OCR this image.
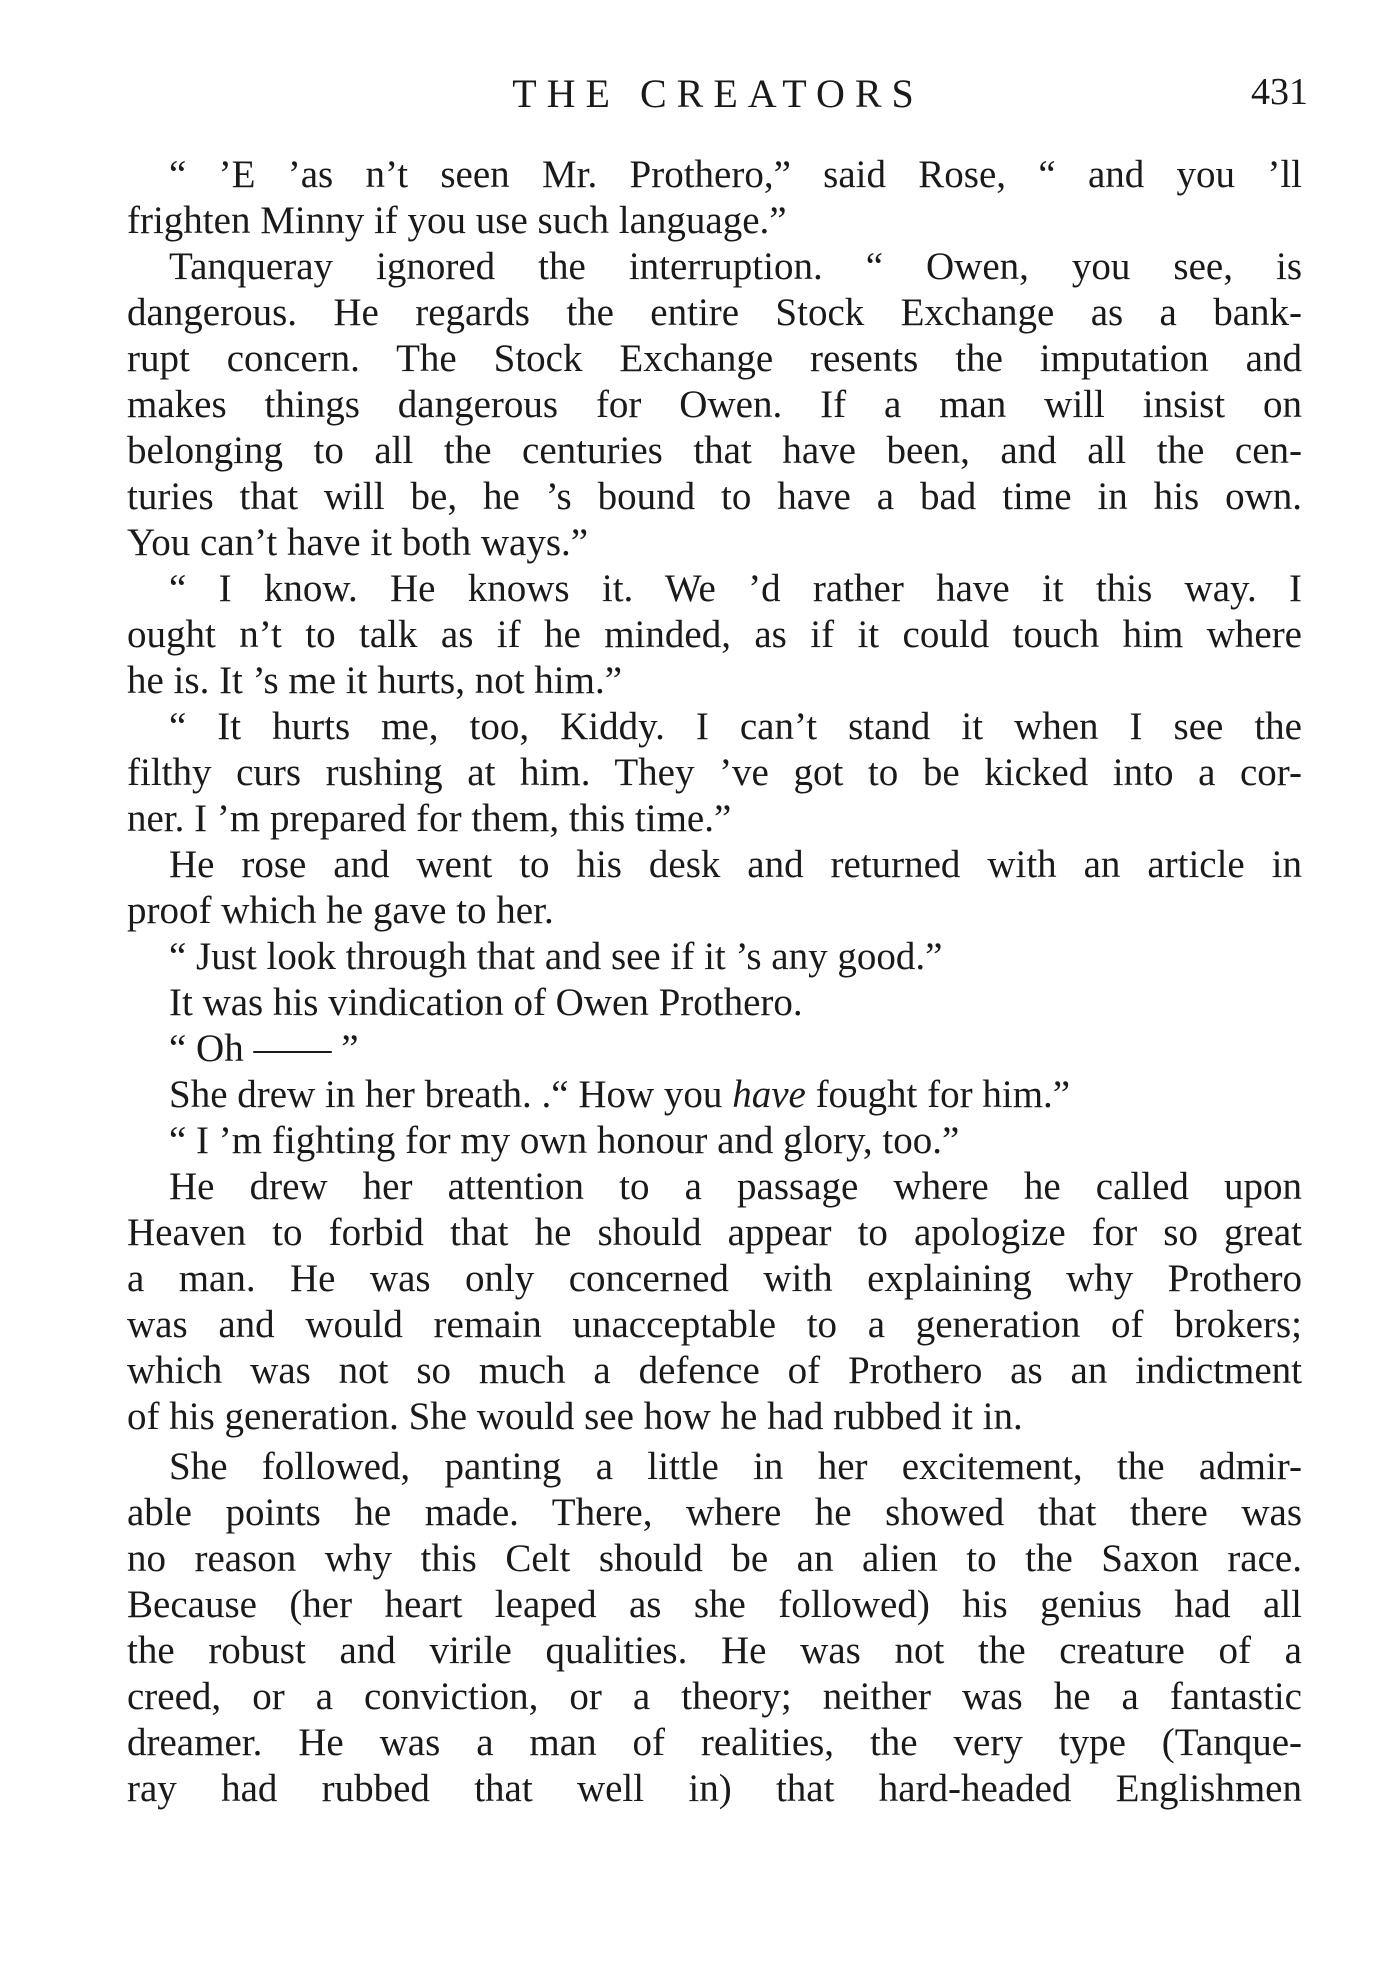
THE CREATORS	431
“ ’E ’as n’t seen Mr. Prothero,” said Rose, “ and you ’ll
frighten Minny if you use such language.”
Tanqueray ignored the interruption. “ Owen, you see, is
dangerous. He regards the entire Stock Exchange as a bank-
rupt concern. The Stock Exchange resents the imputation and
makes things dangerous for Owen. If a man will insist on
belonging to all the centuries that have been, and all the cen-
turies that will be, he ’s bound to have a bad time in his own.
You can’t have it both ways.”
“ I know. He knows it. We ’d rather have it this way. I
ought n’t to talk as if he minded, as if it could touch him where
he is. It ’s me it hurts, not him.”
“ It hurts me, too, Kiddy. I can’t stand it when I see the
filthy curs rushing at him. They ’ve got to be kicked into a cor-
ner. I ’m prepared for them, this time.”
He rose and went to his desk and returned with an article in
proof which he gave to her.
“ Just look through that and see if it ’s any good.”
It was his vindication of Owen Prothero.
“ Oh —— ”
She drew in her breath. .“ How you have fought for him.”
“ I ’m fighting for my own honour and glory, too.”
He drew her attention to a passage where he called upon
Heaven to forbid that he should appear to apologize for so great
a man. He was only concerned with explaining why Prothero
was and would remain unacceptable to a generation of brokers;
which was not so much a defence of Prothero as an indictment
of his generation. She would see how he had rubbed it in.
She followed, panting a little in her excitement, the admir-
able points he made. There, where he showed that there was
no reason why this Celt should be an alien to the Saxon race.
Because (her heart leaped as she followed) his genius had all
the robust and virile qualities. He was not the creature of a
creed, or a conviction, or a theory; neither was he a fantastic
dreamer. He was a man of realities, the very type (Tanque-
ray had rubbed that well in) that hard-headed Englishmen
